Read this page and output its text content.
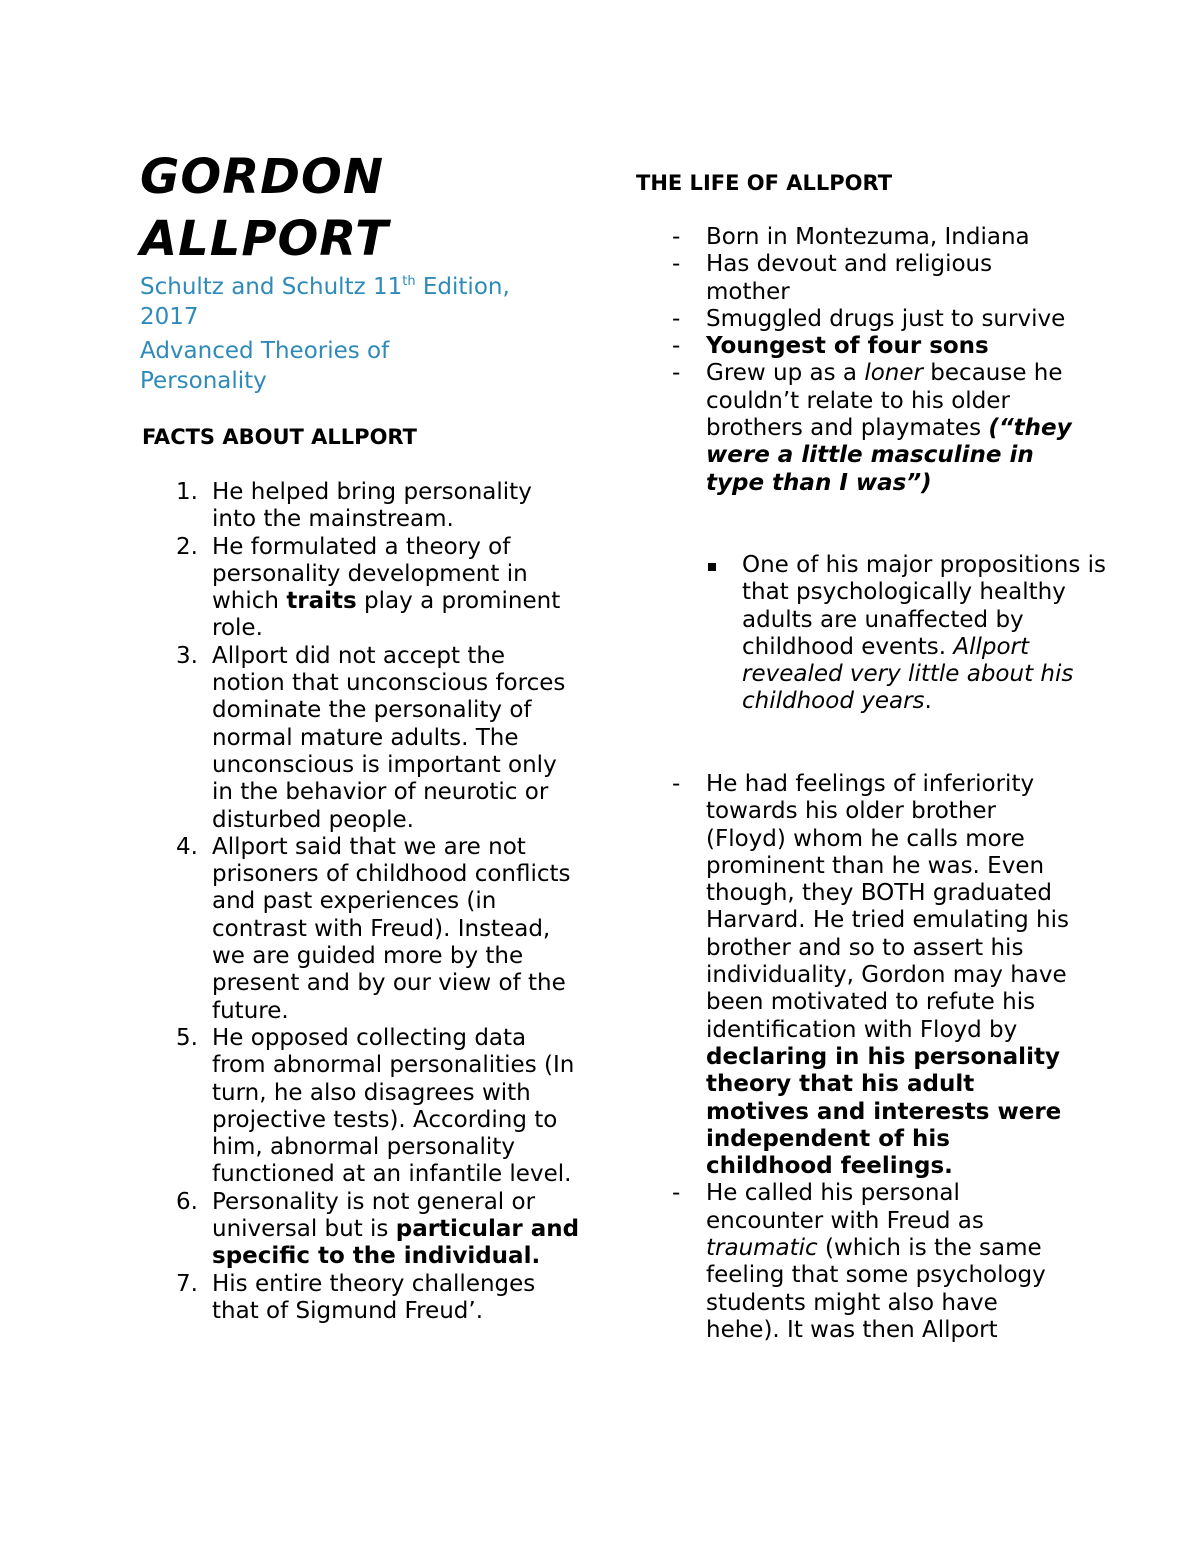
GORDON
ALLPORT

Schultz and Schultz 11th Edition,
2017

Advanced Theories of
Personality

FACTS ABOUT ALLPORT
1. He helped bring personality into the mainstream.
2. He formulated a theory of personality development in which traits play a prominent role.
3. Allport did not accept the notion that unconscious forces dominate the personality of normal mature adults. The unconscious is important only in the behavior of neurotic or disturbed people.
4. Allport said that we are not prisoners of childhood conflicts and past experiences (in contrast with Freud). Instead, we are guided more by the present and by our view of the future.
5. He opposed collecting data from abnormal personalities (In turn, he also disagrees with projective tests). According to him, abnormal personality functioned at an infantile level.
6. Personality is not general or universal but is particular and specific to the individual.
7. His entire theory challenges that of Sigmund Freud’.
THE LIFE OF ALLPORT
- Born in Montezuma, Indiana
- Has devout and religious mother
- Smuggled drugs just to survive
- Youngest of four sons
- Grew up as a loner because he couldn’t relate to his older brothers and playmates (“they were a little masculine in type than I was”)

One of his major propositions is that psychologically healthy adults are unaffected by childhood events. Allport revealed very little about his childhood years.

- He had feelings of inferiority towards his older brother (Floyd) whom he calls more prominent than he was. Even though, they BOTH graduated Harvard. He tried emulating his brother and so to assert his individuality, Gordon may have been motivated to refute his identification with Floyd by declaring in his personality theory that his adult motives and interests were independent of his childhood feelings.
- He called his personal encounter with Freud as traumatic (which is the same feeling that some psychology students might also have hehe). It was then Allport
